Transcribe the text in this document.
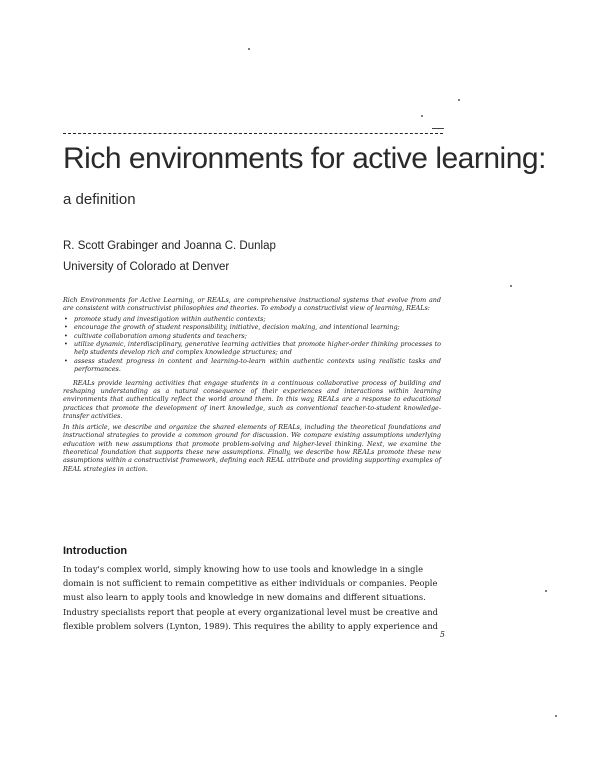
Rich environments for active learning:
a definition
R. Scott Grabinger and Joanna C. Dunlap
University of Colorado at Denver

Rich Environments for Active Learning, or REALs, are comprehensive instructional systems that evolve from and are consistent with constructivist philosophies and theories. To embody a constructivist view of learning, REALs:

• promote study and investigation within authentic contexts;
• encourage the growth of student responsibility, initiative, decision making, and intentional learning;
• cultivate collaboration among students and teachers;
• utilize dynamic, interdisciplinary, generative learning activities that promote higher-order thinking processes to help students develop rich and complex knowledge structures; and
• assess student progress in content and learning-to-learn within authentic contexts using realistic tasks and performances.

REALs provide learning activities that engage students in a continuous collaborative process of building and reshaping understanding as a natural consequence of their experiences and interactions within learning environments that authentically reflect the world around them. In this way, REALs are a response to educational practices that promote the development of inert knowledge, such as conventional teacher-to-student knowledge-transfer activities.

In this article, we describe and organize the shared elements of REALs, including the theoretical foundations and instructional strategies to provide a common ground for discussion. We compare existing assumptions underlying education with new assumptions that promote problem-solving and higher-level thinking. Next, we examine the theoretical foundation that supports these new assumptions. Finally, we describe how REALs promote these new assumptions within a constructivist framework, defining each REAL attribute and providing supporting examples of REAL strategies in action.

Introduction
In today's complex world, simply knowing how to use tools and knowledge in a single
domain is not sufficient to remain competitive as either individuals or companies. People
must also learn to apply tools and knowledge in new domains and different situations.
Industry specialists report that people at every organizational level must be creative and
flexible problem solvers (Lynton, 1989). This requires the ability to apply experience and
5
